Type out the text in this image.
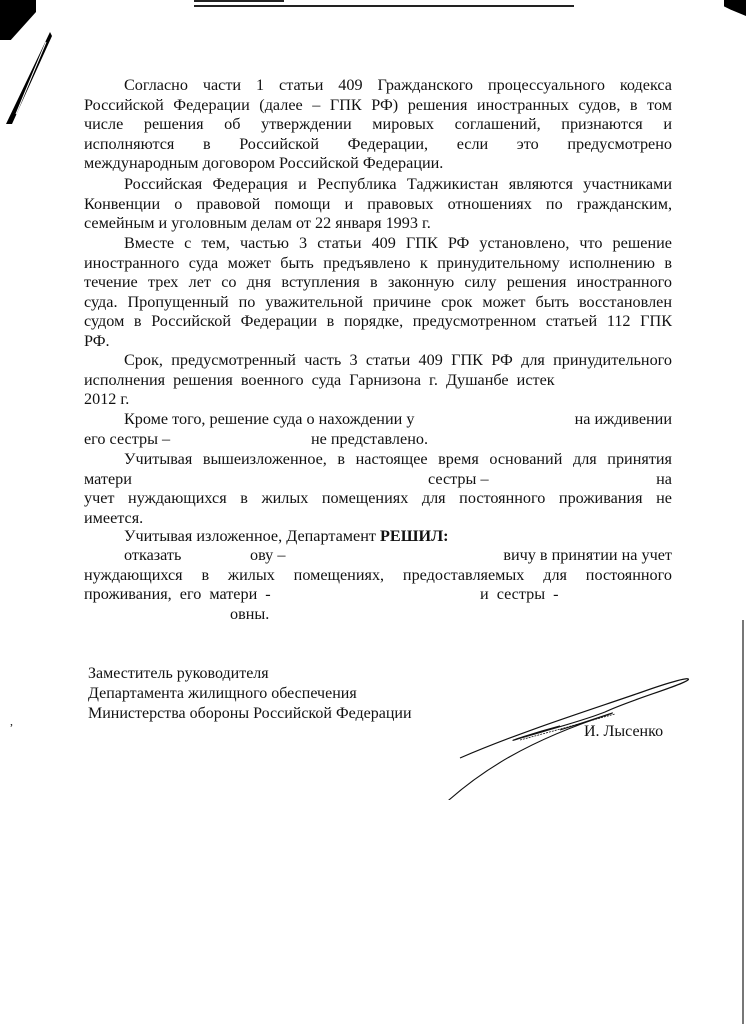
Согласно части 1 статьи 409 Гражданского процессуального кодекса
Российской Федерации (далее – ГПК РФ) решения иностранных судов, в том
числе решения об утверждении мировых соглашений, признаются и
исполняются в Российской Федерации, если это предусмотрено
международным договором Российской Федерации.
Российская Федерация и Республика Таджикистан являются участниками
Конвенции о правовой помощи и правовых отношениях по гражданским,
семейным и уголовным делам от 22 января 1993 г.
Вместе с тем, частью 3 статьи 409 ГПК РФ установлено, что решение
иностранного суда может быть предъявлено к принудительному исполнению в
течение трех лет со дня вступления в законную силу решения иностранного
суда. Пропущенный по уважительной причине срок может быть восстановлен
судом в Российской Федерации в порядке, предусмотренном статьей 112 ГПК
РФ.
Срок, предусмотренный часть 3 статьи 409 ГПК РФ для принудительного
исполнения решения военного суда Гарнизона г. Душанбе истек
2012 г.
Кроме того, решение суда о нахождении у	на иждивении
его сестры –	не представлено.
Учитывая вышеизложенное, в настоящее время оснований для принятия
матери	сестры –	на
учет нуждающихся в жилых помещениях для постоянного проживания не
имеется.
Учитывая изложенное, Департамент РЕШИЛ:
отказать	ову –	вичу в принятии на учет
нуждающихся в жилых помещениях, предоставляемых для постоянного
проживания, его матери -	и сестры -
овны.
Заместитель руководителя
Департамента жилищного обеспечения
Министерства обороны Российской Федерации
И. Лысенко
,
